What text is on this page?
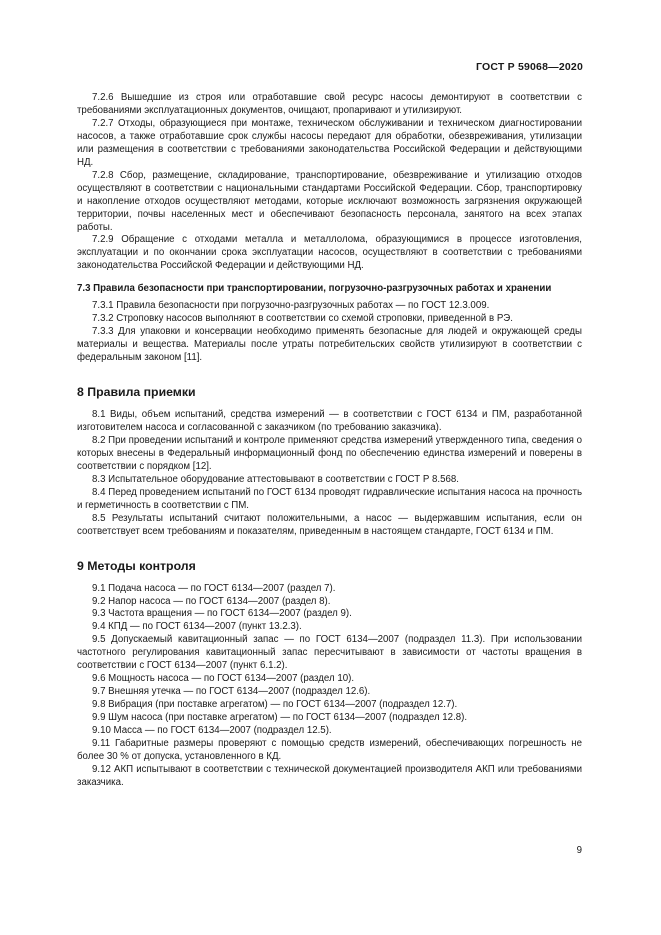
ГОСТ Р 59068—2020

7.2.6 Вышедшие из строя или отработавшие свой ресурс насосы демонтируют в соответствии с требованиями эксплуатационных документов, очищают, пропаривают и утилизируют.

7.2.7 Отходы, образующиеся при монтаже, техническом обслуживании и техническом диагностировании насосов, а также отработавшие срок службы насосы передают для обработки, обезвреживания, утилизации или размещения в соответствии с требованиями законодательства Российской Федерации и действующими НД.

7.2.8 Сбор, размещение, складирование, транспортирование, обезвреживание и утилизацию отходов осуществляют в соответствии с национальными стандартами Российской Федерации. Сбор, транспортировку и накопление отходов осуществляют методами, которые исключают возможность загрязнения окружающей территории, почвы населенных мест и обеспечивают безопасность персонала, занятого на всех этапах работы.

7.2.9 Обращение с отходами металла и металлолома, образующимися в процессе изготовления, эксплуатации и по окончании срока эксплуатации насосов, осуществляют в соответствии с требованиями законодательства Российской Федерации и действующими НД.

7.3 Правила безопасности при транспортировании, погрузочно-разгрузочных работах и хранении

7.3.1 Правила безопасности при погрузочно-разгрузочных работах — по ГОСТ 12.3.009.

7.3.2 Строповку насосов выполняют в соответствии со схемой строповки, приведенной в РЭ.

7.3.3 Для упаковки и консервации необходимо применять безопасные для людей и окружающей среды материалы и вещества. Материалы после утраты потребительских свойств утилизируют в соответствии с федеральным законом [11].

8 Правила приемки

8.1 Виды, объем испытаний, средства измерений — в соответствии с ГОСТ 6134 и ПМ, разработанной изготовителем насоса и согласованной с заказчиком (по требованию заказчика).

8.2 При проведении испытаний и контроле применяют средства измерений утвержденного типа, сведения о которых внесены в Федеральный информационный фонд по обеспечению единства измерений и поверены в соответствии с порядком [12].

8.3 Испытательное оборудование аттестовывают в соответствии с ГОСТ Р 8.568.

8.4 Перед проведением испытаний по ГОСТ 6134 проводят гидравлические испытания насоса на прочность и герметичность в соответствии с ПМ.

8.5 Результаты испытаний считают положительными, а насос — выдержавшим испытания, если он соответствует всем требованиям и показателям, приведенным в настоящем стандарте, ГОСТ 6134 и ПМ.

9 Методы контроля

9.1 Подача насоса — по ГОСТ 6134—2007 (раздел 7).

9.2 Напор насоса — по ГОСТ 6134—2007 (раздел 8).

9.3 Частота вращения — по ГОСТ 6134—2007 (раздел 9).

9.4 КПД — по ГОСТ 6134—2007 (пункт 13.2.3).

9.5 Допускаемый кавитационный запас — по ГОСТ 6134—2007 (подраздел 11.3). При использовании частотного регулирования кавитационный запас пересчитывают в зависимости от частоты вращения в соответствии с ГОСТ 6134—2007 (пункт 6.1.2).

9.6 Мощность насоса — по ГОСТ 6134—2007 (раздел 10).

9.7 Внешняя утечка — по ГОСТ 6134—2007 (подраздел 12.6).

9.8 Вибрация (при поставке агрегатом) — по ГОСТ 6134—2007 (подраздел 12.7).

9.9 Шум насоса (при поставке агрегатом) — по ГОСТ 6134—2007 (подраздел 12.8).

9.10 Масса — по ГОСТ 6134—2007 (подраздел 12.5).

9.11 Габаритные размеры проверяют с помощью средств измерений, обеспечивающих погрешность не более 30 % от допуска, установленного в КД.

9.12 АКП испытывают в соответствии с технической документацией производителя АКП или требованиями заказчика.

9
